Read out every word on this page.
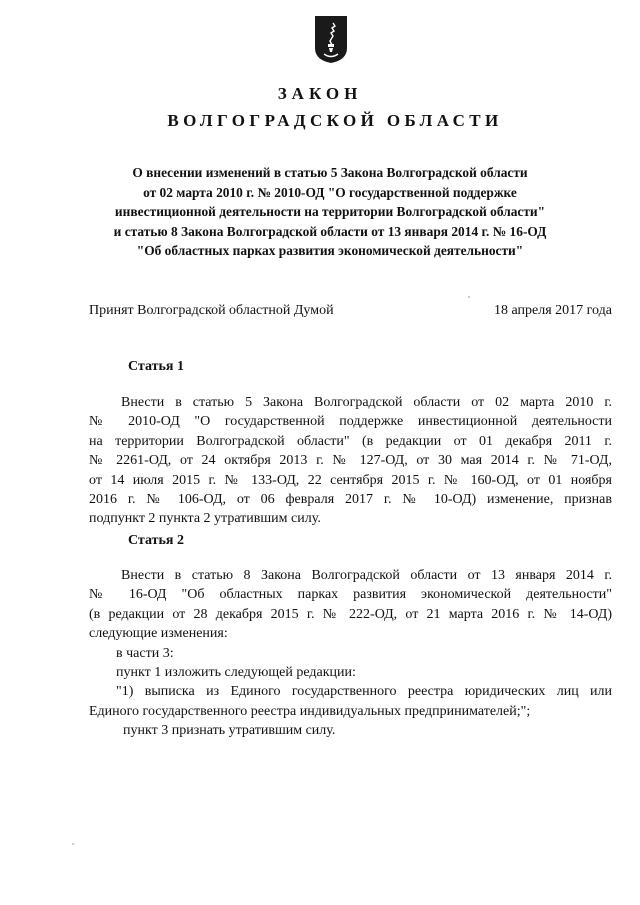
ЗАКОН
ВОЛГОГРАДСКОЙ ОБЛАСТИ
О внесении изменений в статью 5 Закона Волгоградской области
от 02 марта 2010 г. № 2010-ОД "О государственной поддержке
инвестиционной деятельности на территории Волгоградской области"
и статью 8 Закона Волгоградской области от 13 января 2014 г. № 16-ОД
"Об областных парках развития экономической деятельности"
Принят Волгоградской областной Думой	18 апреля 2017 года
Статья 1
Внести в статью 5 Закона Волгоградской области от 02 марта 2010 г.
№ 2010-ОД "О государственной поддержке инвестиционной деятельности
на территории Волгоградской области" (в редакции от 01 декабря 2011 г.
№ 2261-ОД, от 24 октября 2013 г. № 127-ОД, от 30 мая 2014 г. № 71-ОД,
от 14 июля 2015 г. № 133-ОД, 22 сентября 2015 г. № 160-ОД, от 01 ноября
2016 г. № 106-ОД, от 06 февраля 2017 г. № 10-ОД) изменение, признав
подпункт 2 пункта 2 утратившим силу.
Статья 2
Внести в статью 8 Закона Волгоградской области от 13 января 2014 г.
№ 16-ОД "Об областных парках развития экономической деятельности"
(в редакции от 28 декабря 2015 г. № 222-ОД, от 21 марта 2016 г. № 14-ОД)
следующие изменения:
в части 3:
пункт 1 изложить следующей редакции:
"1) выписка из Единого государственного реестра юридических лиц или
Единого государственного реестра индивидуальных предпринимателей;";
пункт 3 признать утратившим силу.
